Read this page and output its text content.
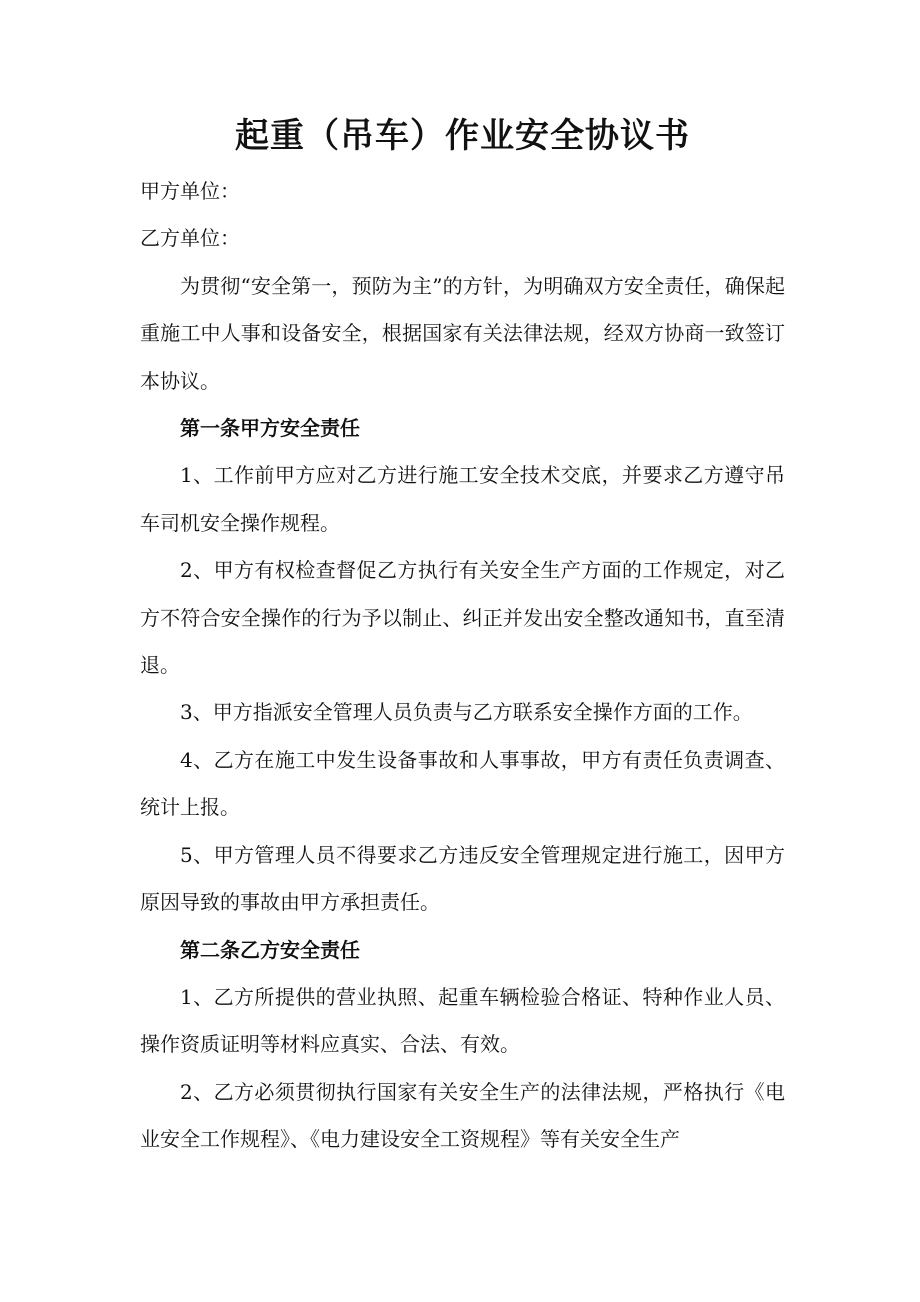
起重（吊车）作业安全协议书
甲方单位：
乙方单位：

为贯彻“安全第一，预防为主”的方针，为明确双方安全责任，确保起重施工中人事和设备安全，根据国家有关法律法规，经双方协商一致签订本协议。

第一条甲方安全责任

1、工作前甲方应对乙方进行施工安全技术交底，并要求乙方遵守吊车司机安全操作规程。

2、甲方有权检查督促乙方执行有关安全生产方面的工作规定，对乙方不符合安全操作的行为予以制止、纠正并发出安全整改通知书，直至清退。

3、甲方指派安全管理人员负责与乙方联系安全操作方面的工作。

4、乙方在施工中发生设备事故和人事事故，甲方有责任负责调查、统计上报。

5、甲方管理人员不得要求乙方违反安全管理规定进行施工，因甲方原因导致的事故由甲方承担责任。

第二条乙方安全责任

1、乙方所提供的营业执照、起重车辆检验合格证、特种作业人员、操作资质证明等材料应真实、合法、有效。

2、乙方必须贯彻执行国家有关安全生产的法律法规，严格执行《电业安全工作规程》、《电力建设安全工资规程》等有关安全生产
